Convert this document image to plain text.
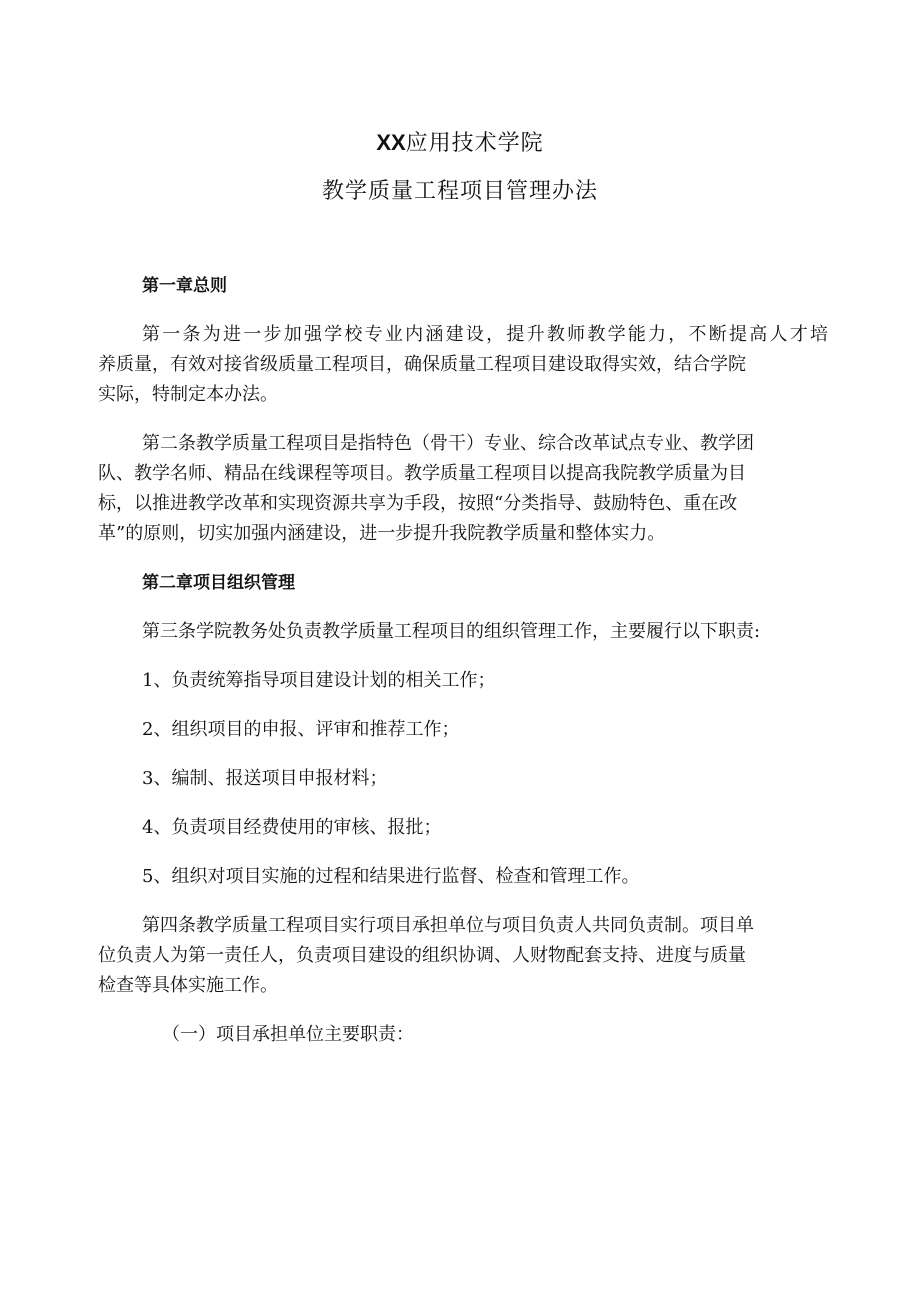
XX应用技术学院
教学质量工程项目管理办法

第一章总则

第一条为进一步加强学校专业内涵建设，提升教师教学能力，不断提高人才培
养质量，有效对接省级质量工程项目，确保质量工程项目建设取得实效，结合学院
实际，特制定本办法。

第二条教学质量工程项目是指特色（骨干）专业、综合改革试点专业、教学团
队、教学名师、精品在线课程等项目。教学质量工程项目以提高我院教学质量为目
标，以推进教学改革和实现资源共享为手段，按照“分类指导、鼓励特色、重在改
革”的原则，切实加强内涵建设，进一步提升我院教学质量和整体实力。

第二章项目组织管理

第三条学院教务处负责教学质量工程项目的组织管理工作，主要履行以下职责:

1、负责统筹指导项目建设计划的相关工作；

2、组织项目的申报、评审和推荐工作；

3、编制、报送项目申报材料；

4、负责项目经费使用的审核、报批；

5、组织对项目实施的过程和结果进行监督、检查和管理工作。

第四条教学质量工程项目实行项目承担单位与项目负责人共同负责制。项目单
位负责人为第一责任人，负责项目建设的组织协调、人财物配套支持、进度与质量
检查等具体实施工作。

（一）项目承担单位主要职责：
